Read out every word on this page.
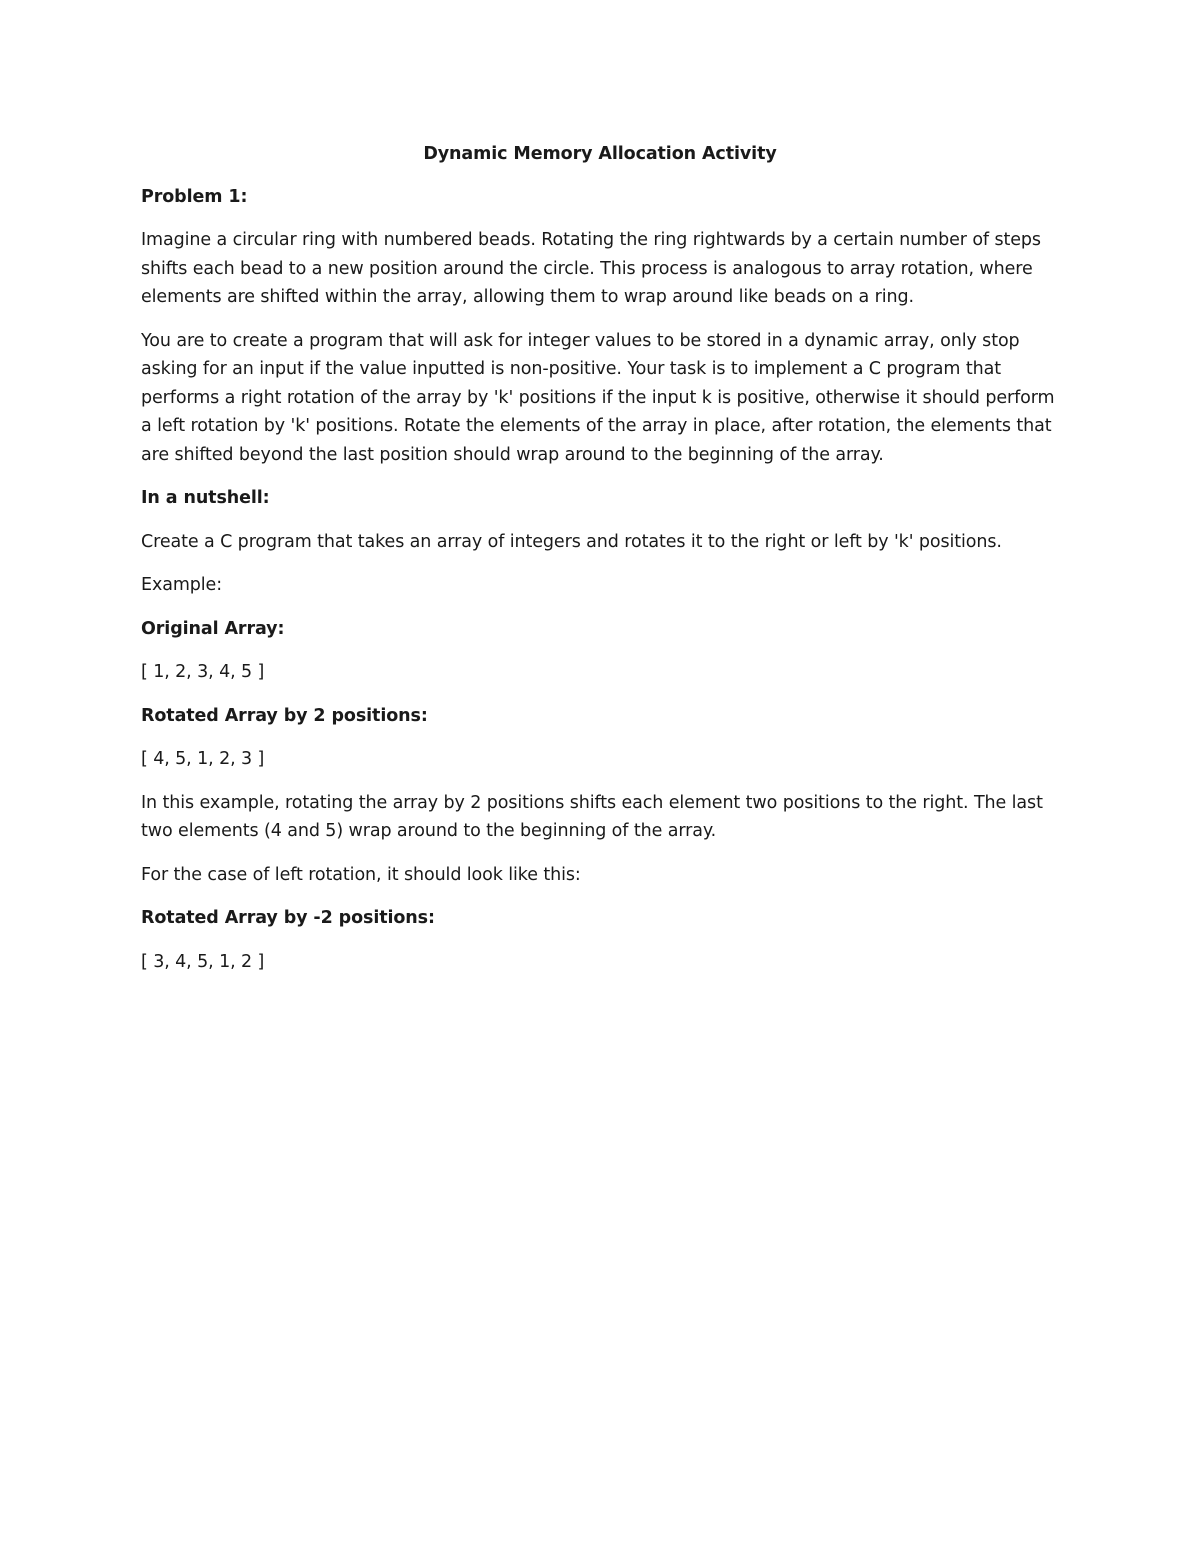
Dynamic Memory Allocation Activity

Problem 1:

Imagine a circular ring with numbered beads. Rotating the ring rightwards by a certain number of steps shifts each bead to a new position around the circle. This process is analogous to array rotation, where elements are shifted within the array, allowing them to wrap around like beads on a ring.

You are to create a program that will ask for integer values to be stored in a dynamic array, only stop asking for an input if the value inputted is non-positive. Your task is to implement a C program that performs a right rotation of the array by 'k' positions if the input k is positive, otherwise it should perform a left rotation by 'k' positions. Rotate the elements of the array in place, after rotation, the elements that are shifted beyond the last position should wrap around to the beginning of the array.

In a nutshell:

Create a C program that takes an array of integers and rotates it to the right or left by 'k' positions.

Example:

Original Array:

[ 1, 2, 3, 4, 5 ]

Rotated Array by 2 positions:

[ 4, 5, 1, 2, 3 ]

In this example, rotating the array by 2 positions shifts each element two positions to the right. The last two elements (4 and 5) wrap around to the beginning of the array.

For the case of left rotation, it should look like this:

Rotated Array by -2 positions:

[ 3, 4, 5, 1, 2 ]
